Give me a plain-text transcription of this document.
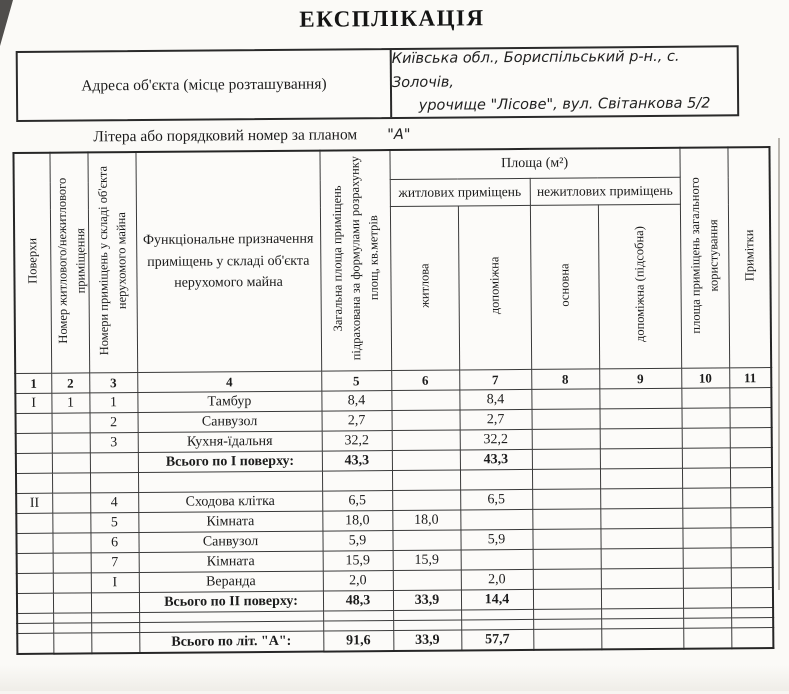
ЕКСПЛІКАЦІЯ
Адреса об'єкта (місце розташування)
Київська обл., Бориспільський р-н., с. Золочів,
урочище "Лісове", вул. Світанкова 5/2
Літера або порядковий номер за планом "А"
Поверхи	Номер житлового/нежитлового приміщення	Номери приміщень у складі об'єкта нерухомого майна	Функціональне призначення приміщень у складі об'єкта нерухомого майна	Загальна площа приміщень підрахована за формулами розрахунку площ, кв.метрів	Площа (м²)				площа приміщень загального користування	Примітки
					житлових приміщень		нежитлових приміщень			
					житлова	допоміжна	основна	допоміжна (підсобна)		
1	2	3	4	5	6	7	8	9	10	11
I	1	1	Тамбур	8,4		8,4				
		2	Санвузол	2,7		2,7				
		3	Кухня-їдальня	32,2		32,2				
			Всього по I поверху:	43,3		43,3				

II		4	Сходова клітка	6,5		6,5				
		5	Кімната	18,0	18,0					
		6	Санвузол	5,9		5,9				
		7	Кімната	15,9	15,9					
		I	Веранда	2,0		2,0				
			Всього по II поверху:	48,3	33,9	14,4				

			Всього по літ. "А":	91,6	33,9	57,7				
